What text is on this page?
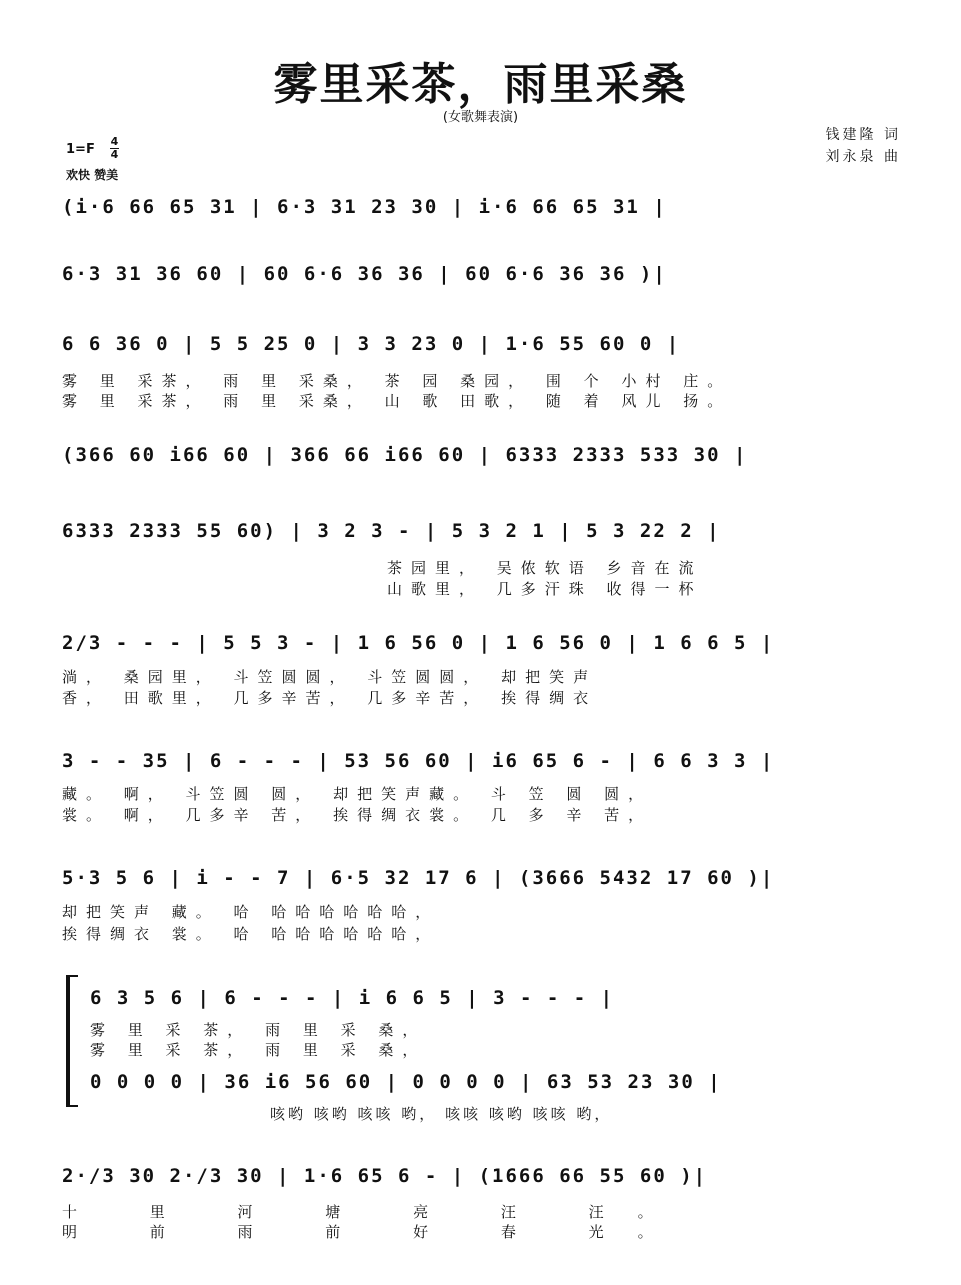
雾里采茶，雨里采桑
(女歌舞表演)
钱建隆 词
刘永泉 曲
1=F
4
4
欢快 赞美
(i·6 66 65 31 | 6·3 31 23 30 | i·6 66 65 31 |
6·3 31 36 60 | 60 6·6 36 36 | 60 6·6 36 36 )|
6 6 36 0 | 5 5 25 0 | 3 3 23 0 | 1·6 55 60 0 |
雾 里 采茶， 雨 里 采桑， 茶 园 桑园， 围 个 小村 庄。
雾 里 采茶， 雨 里 采桑， 山 歌 田歌， 随 着 风儿 扬。
(366 60 i66 60 | 366 66 i66 60 | 6333 2333 533 30 |
6333 2333 55 60) | 3 2 3 - | 5 3 2 1 | 5 3 22 2 |
茶园里， 吴侬软语 乡音在流
山歌里， 几多汗珠 收得一杯
2/3 - - - | 5 5 3 - | 1 6 56 0 | 1 6 56 0 | 1 6 6 5 |
淌， 桑园里， 斗笠圆圆， 斗笠圆圆， 却把笑声
香， 田歌里， 几多辛苦， 几多辛苦， 挨得绸衣
3 - - 35 | 6 - - - | 53 56 60 | i6 65 6 - | 6 6 3 3 |
藏。 啊， 斗笠圆 圆， 却把笑声藏。 斗 笠 圆 圆，
裳。 啊， 几多辛 苦， 挨得绸衣裳。 几 多 辛 苦，
5·3 5 6 | i - - 7 | 6·5 32 17 6 | (3666 5432 17 60 )|
却把笑声 藏。 哈 哈哈哈哈哈哈，
挨得绸衣 裳。 哈 哈哈哈哈哈哈，
6 3 5 6 | 6 - - - | i 6 6 5 | 3 - - - |
雾 里 采 茶， 雨 里 采 桑，
雾 里 采 茶， 雨 里 采 桑，
0 0 0 0 | 36 i6 56 60 | 0 0 0 0 | 63 53 23 30 |
咳哟 咳哟 咳咳 哟， 咳咳 咳哟 咳咳 哟，
2·/3 30 2·/3 30 | 1·6 65 6 - | (1666 66 55 60 )|
十 里 河 塘 亮 汪 汪。
明 前 雨 前 好 春 光。
